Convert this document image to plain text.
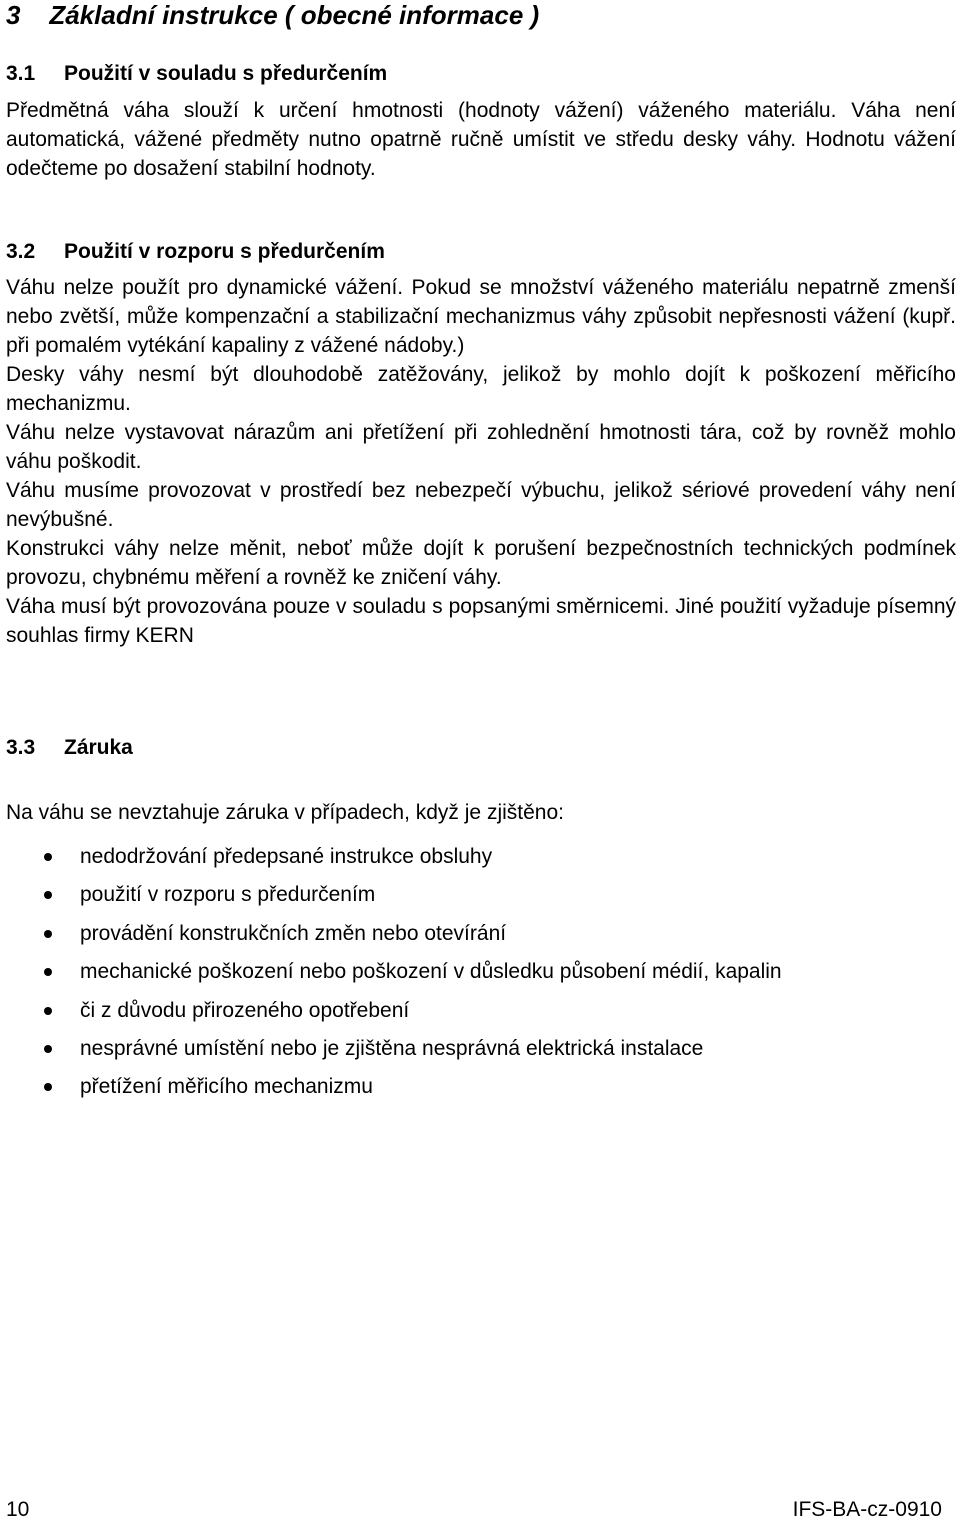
3 Základní instrukce ( obecné informace )
3.1 Použití v souladu s předurčením

Předmětná váha slouží k určení hmotnosti (hodnoty vážení) váženého materiálu. Váha není automatická, vážené předměty nutno opatrně ručně umístit ve středu desky váhy. Hodnotu vážení odečteme po dosažení stabilní hodnoty.

3.2 Použití v rozporu s předurčením

Váhu nelze použít pro dynamické vážení. Pokud se množství váženého materiálu nepatrně zmenší nebo zvětší, může kompenzační a stabilizační mechanizmus váhy způsobit nepřesnosti vážení (kupř. při pomalém vytékání kapaliny z vážené nádoby.)

Desky váhy nesmí být dlouhodobě zatěžovány, jelikož by mohlo dojít k poškození měřicího mechanizmu.

Váhu nelze vystavovat nárazům ani přetížení při zohlednění hmotnosti tára, což by rovněž mohlo váhu poškodit.

Váhu musíme provozovat v prostředí bez nebezpečí výbuchu, jelikož sériové provedení váhy není nevýbušné.

Konstrukci váhy nelze měnit, neboť může dojít k porušení bezpečnostních technických podmínek provozu, chybnému měření a rovněž ke zničení váhy.

Váha musí být provozována pouze v souladu s popsanými směrnicemi. Jiné použití vyžaduje písemný souhlas firmy KERN

3.3 Záruka

Na váhu se nevztahuje záruka v případech, když je zjištěno:

nedodržování předepsané instrukce obsluhy
použití v rozporu s předurčením
provádění konstrukčních změn nebo otevírání
mechanické poškození nebo poškození v důsledku působení médií, kapalin
či z důvodu přirozeného opotřebení
nesprávné umístění nebo je zjištěna nesprávná elektrická instalace
přetížení měřicího mechanizmu
10	IFS-BA-cz-0910
